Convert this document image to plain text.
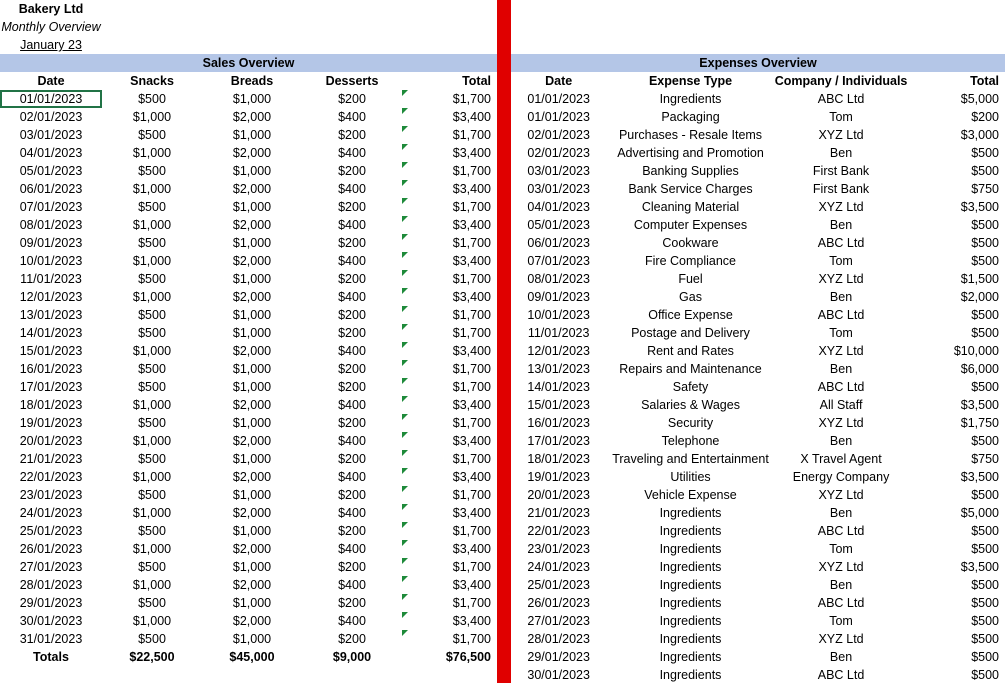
Bakery Ltd
Monthly Overview
January 23
Sales Overview	Expenses Overview
Date	Snacks	Breads	Desserts	Total
01/01/2023	$500	$1,000	$200	$1,700
02/01/2023	$1,000	$2,000	$400	$3,400
03/01/2023	$500	$1,000	$200	$1,700
04/01/2023	$1,000	$2,000	$400	$3,400
05/01/2023	$500	$1,000	$200	$1,700
06/01/2023	$1,000	$2,000	$400	$3,400
07/01/2023	$500	$1,000	$200	$1,700
08/01/2023	$1,000	$2,000	$400	$3,400
09/01/2023	$500	$1,000	$200	$1,700
10/01/2023	$1,000	$2,000	$400	$3,400
11/01/2023	$500	$1,000	$200	$1,700
12/01/2023	$1,000	$2,000	$400	$3,400
13/01/2023	$500	$1,000	$200	$1,700
14/01/2023	$500	$1,000	$200	$1,700
15/01/2023	$1,000	$2,000	$400	$3,400
16/01/2023	$500	$1,000	$200	$1,700
17/01/2023	$500	$1,000	$200	$1,700
18/01/2023	$1,000	$2,000	$400	$3,400
19/01/2023	$500	$1,000	$200	$1,700
20/01/2023	$1,000	$2,000	$400	$3,400
21/01/2023	$500	$1,000	$200	$1,700
22/01/2023	$1,000	$2,000	$400	$3,400
23/01/2023	$500	$1,000	$200	$1,700
24/01/2023	$1,000	$2,000	$400	$3,400
25/01/2023	$500	$1,000	$200	$1,700
26/01/2023	$1,000	$2,000	$400	$3,400
27/01/2023	$500	$1,000	$200	$1,700
28/01/2023	$1,000	$2,000	$400	$3,400
29/01/2023	$500	$1,000	$200	$1,700
30/01/2023	$1,000	$2,000	$400	$3,400
31/01/2023	$500	$1,000	$200	$1,700
Totals	$22,500	$45,000	$9,000	$76,500
Date	Expense Type	Company / Individuals	Total
01/01/2023	Ingredients	ABC Ltd	$5,000
01/01/2023	Packaging	Tom	$200
02/01/2023	Purchases - Resale Items	XYZ Ltd	$3,000
02/01/2023	Advertising and Promotion	Ben	$500
03/01/2023	Banking Supplies	First Bank	$500
03/01/2023	Bank Service Charges	First Bank	$750
04/01/2023	Cleaning Material	XYZ Ltd	$3,500
05/01/2023	Computer Expenses	Ben	$500
06/01/2023	Cookware	ABC Ltd	$500
07/01/2023	Fire Compliance	Tom	$500
08/01/2023	Fuel	XYZ Ltd	$1,500
09/01/2023	Gas	Ben	$2,000
10/01/2023	Office Expense	ABC Ltd	$500
11/01/2023	Postage and Delivery	Tom	$500
12/01/2023	Rent and Rates	XYZ Ltd	$10,000
13/01/2023	Repairs and Maintenance	Ben	$6,000
14/01/2023	Safety	ABC Ltd	$500
15/01/2023	Salaries & Wages	All Staff	$3,500
16/01/2023	Security	XYZ Ltd	$1,750
17/01/2023	Telephone	Ben	$500
18/01/2023	Traveling and Entertainment	X Travel Agent	$750
19/01/2023	Utilities	Energy Company	$3,500
20/01/2023	Vehicle Expense	XYZ Ltd	$500
21/01/2023	Ingredients	Ben	$5,000
22/01/2023	Ingredients	ABC Ltd	$500
23/01/2023	Ingredients	Tom	$500
24/01/2023	Ingredients	XYZ Ltd	$3,500
25/01/2023	Ingredients	Ben	$500
26/01/2023	Ingredients	ABC Ltd	$500
27/01/2023	Ingredients	Tom	$500
28/01/2023	Ingredients	XYZ Ltd	$500
29/01/2023	Ingredients	Ben	$500
30/01/2023	Ingredients	ABC Ltd	$500
